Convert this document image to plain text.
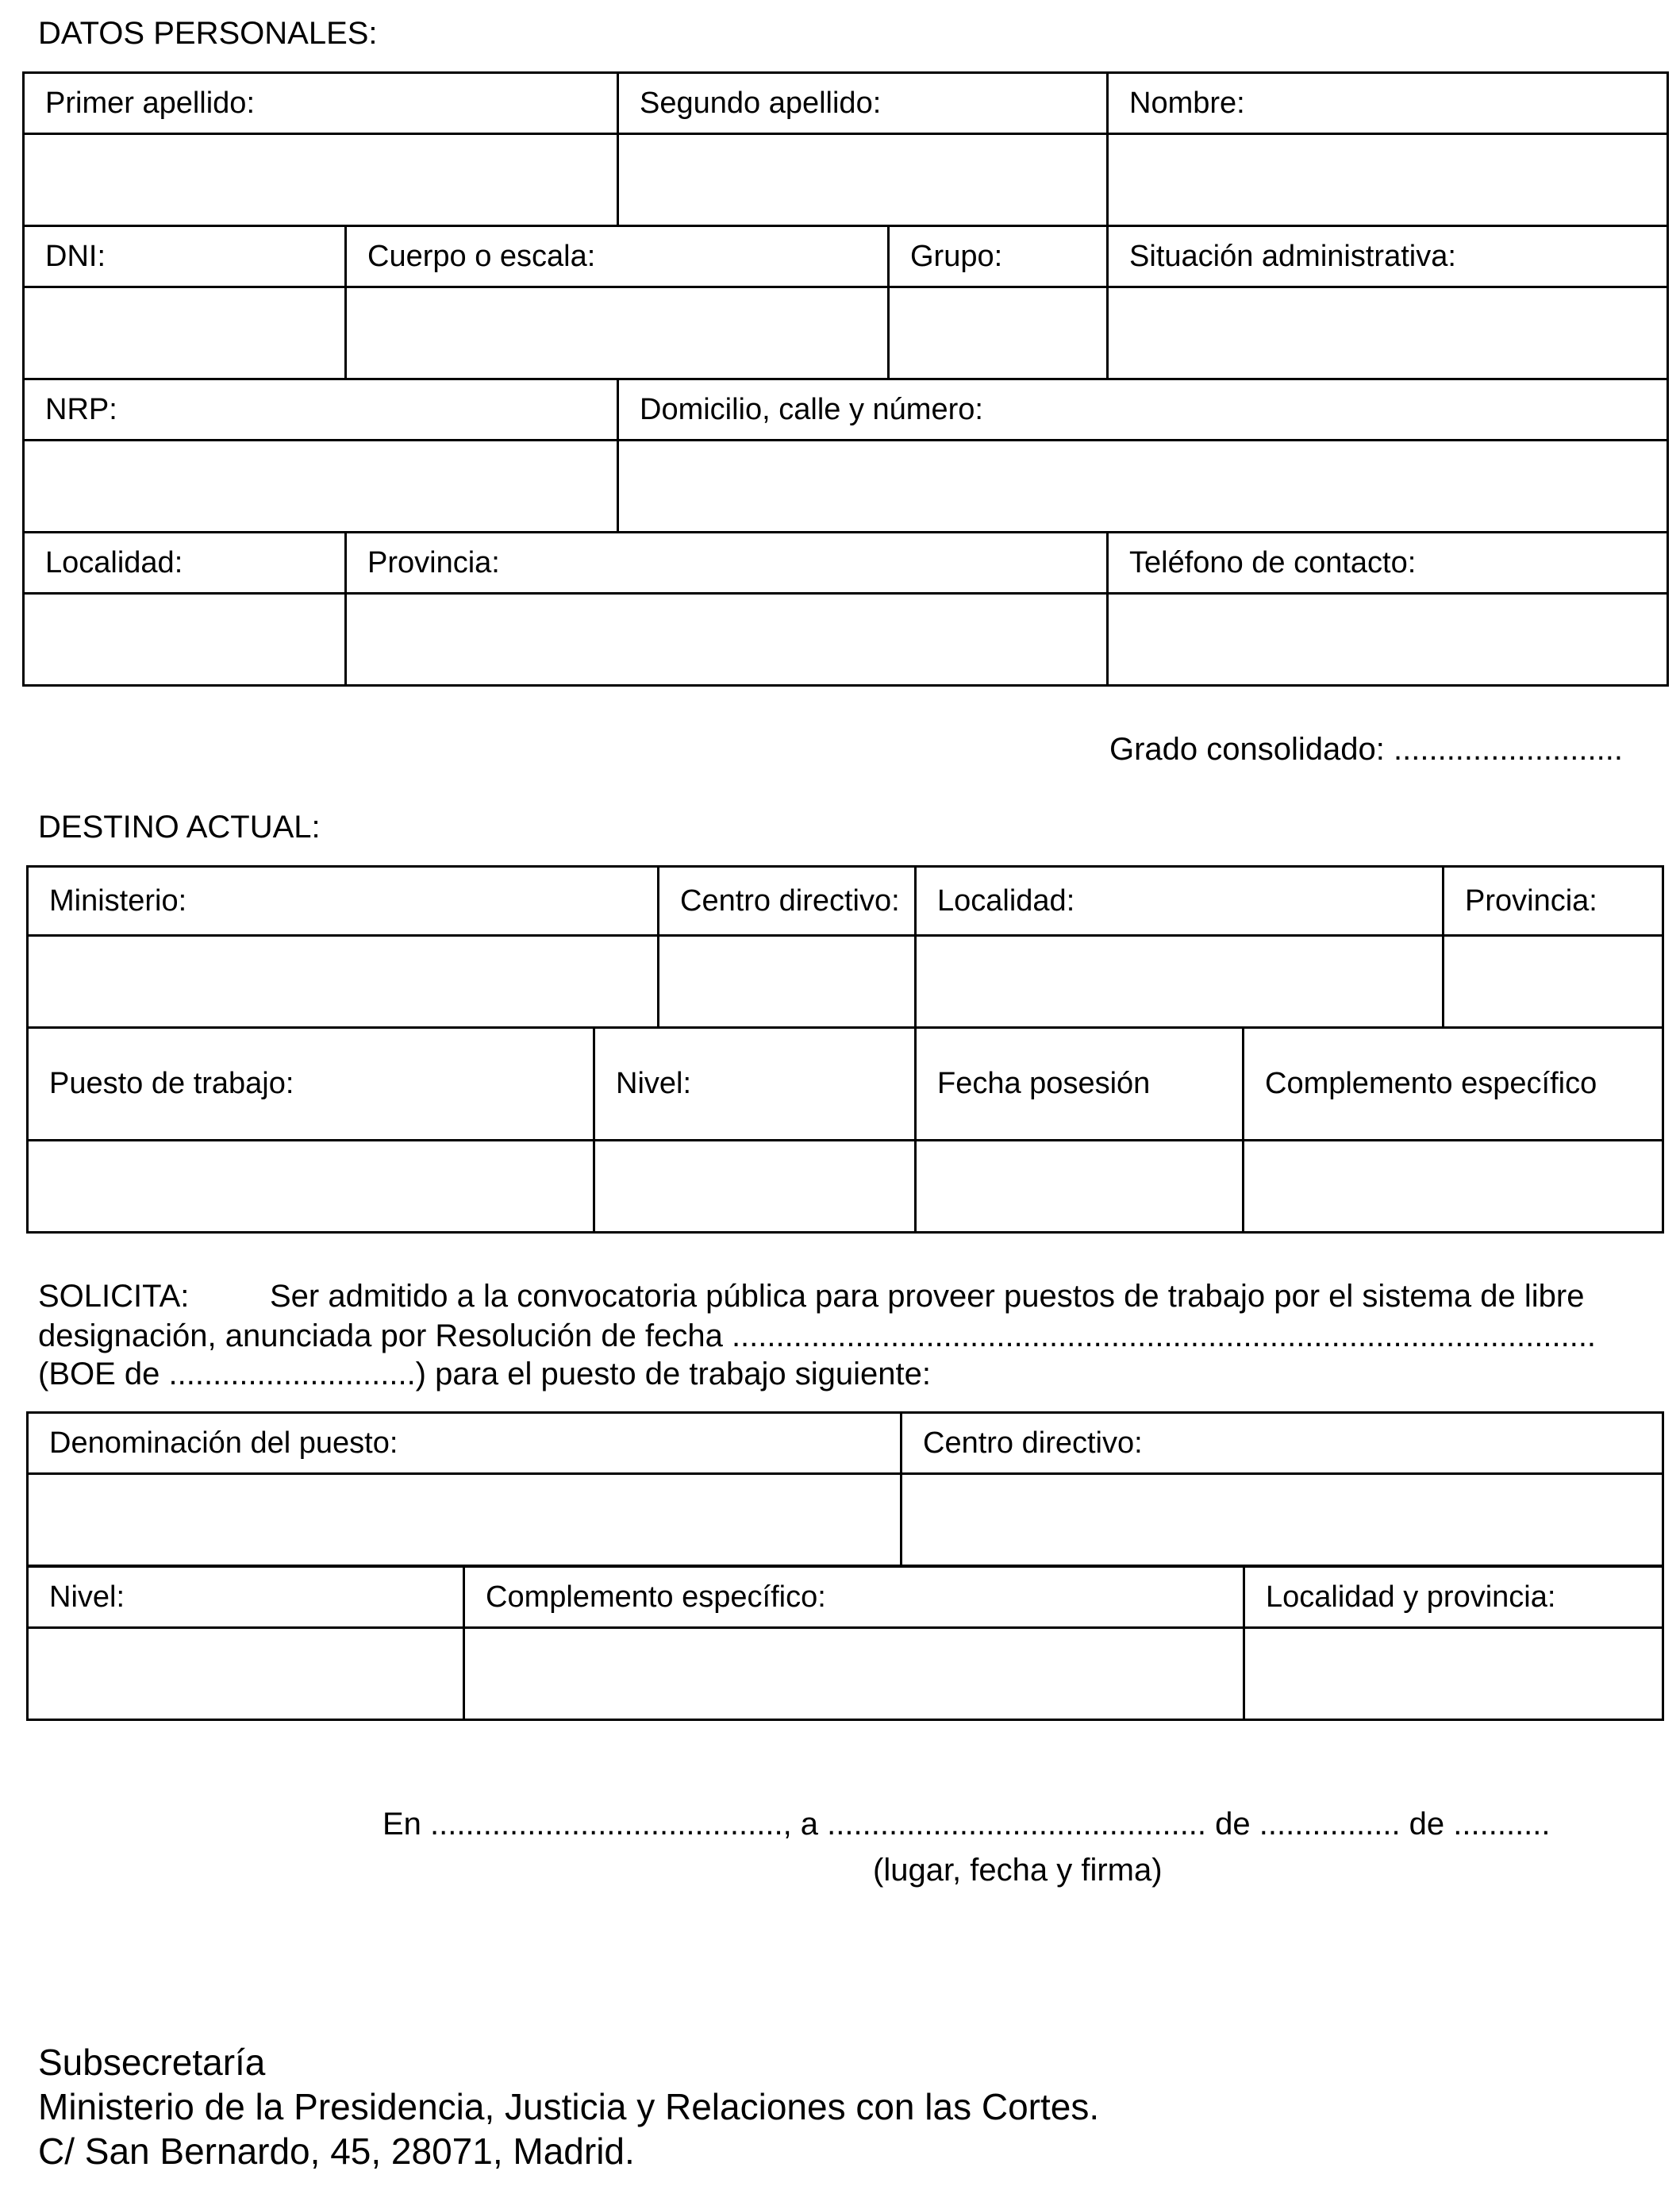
DATOS PERSONALES:
Primer apellido:		Segundo apellido:		Nombre:

DNI:	Cuerpo o escala:		Grupo:	Situación administrativa:

NRP:		Domicilio, calle y número:		

Localidad:	Provincia:			Teléfono de contacto:

Grado consolidado: ..........................
DESTINO ACTUAL:
Ministerio:		Centro directivo:	Localidad:		Provincia:

Puesto de trabajo:	Nivel:		Fecha posesión	Complemento específico	

SOLICITA:	Ser admitido a la convocatoria pública para proveer puestos de trabajo por el sistema de libre
designación, anunciada por Resolución de fecha ..................................................................................................
(BOE de ............................) para el puesto de trabajo siguiente:
Denominación del puesto:	Centro directivo:

Nivel:	Complemento específico:	Localidad y provincia:

En ........................................, a ........................................... de ................ de ...........
(lugar, fecha y firma)
Subsecretaría
Ministerio de la Presidencia, Justicia y Relaciones con las Cortes.
C/ San Bernardo, 45, 28071, Madrid.
